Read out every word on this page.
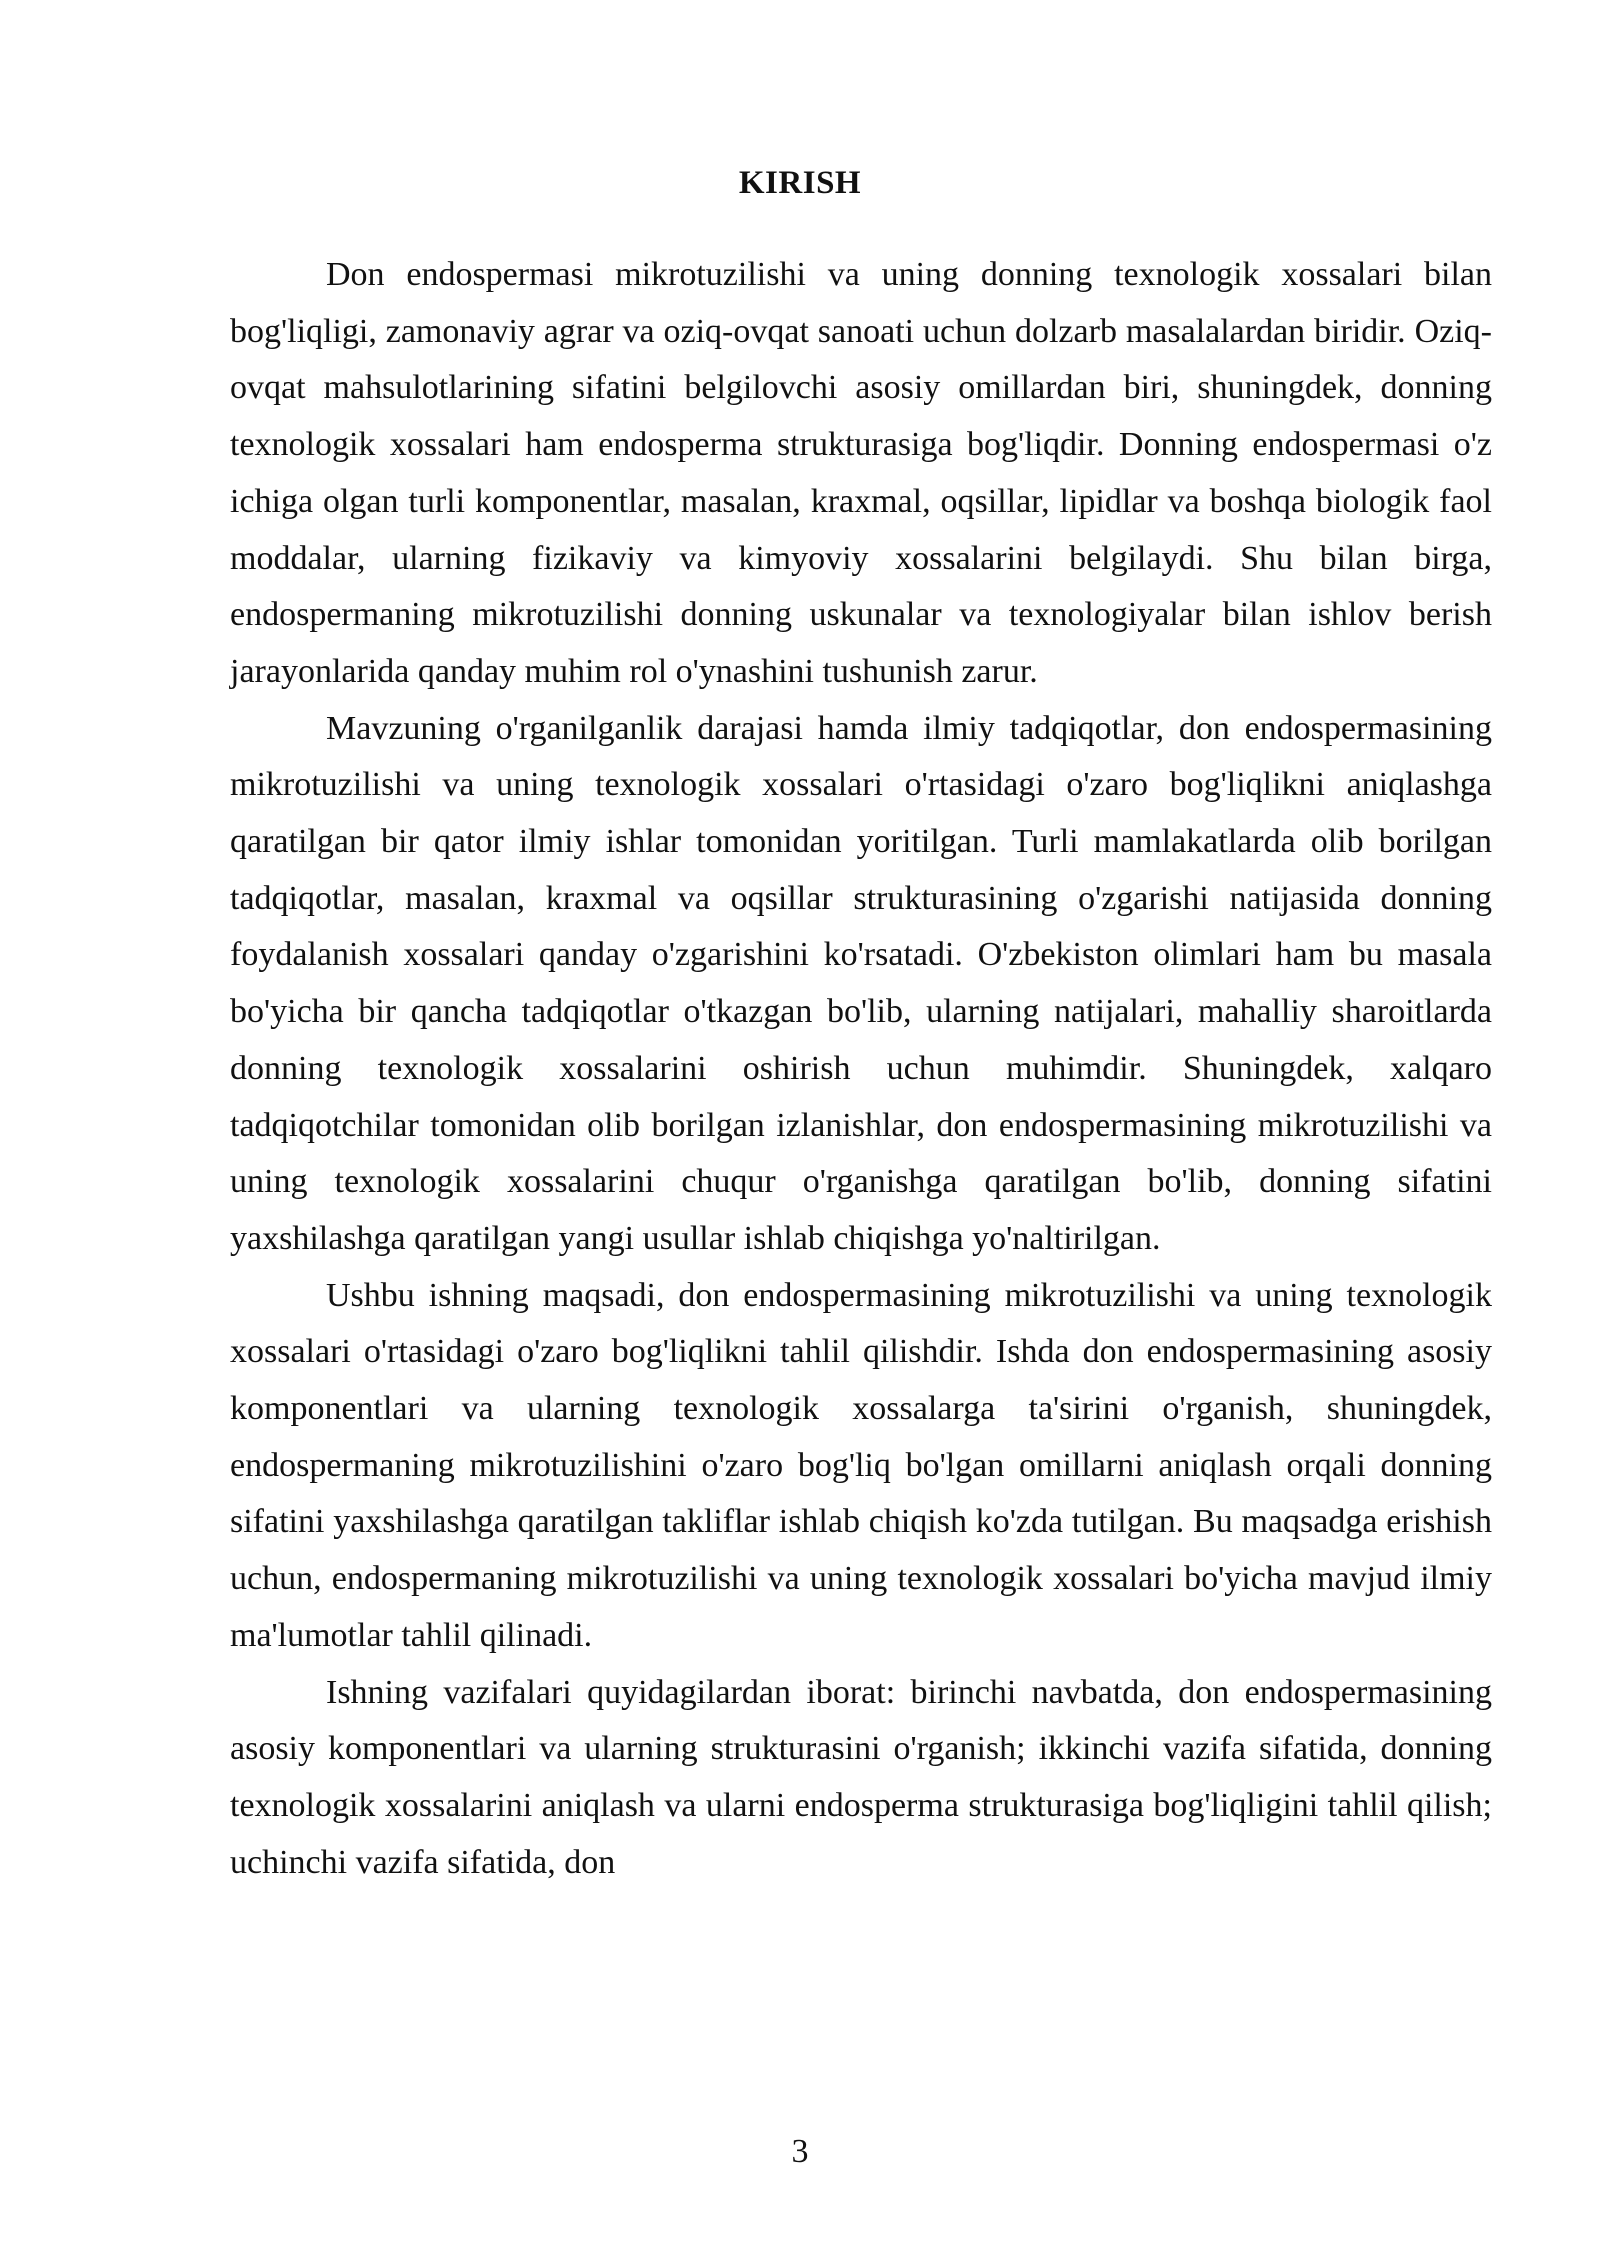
KIRISH

Don endospermasi mikrotuzilishi va uning donning texnologik xossalari bilan bog'liqligi, zamonaviy agrar va oziq-ovqat sanoati uchun dolzarb masalalardan biridir. Oziq-ovqat mahsulotlarining sifatini belgilovchi asosiy omillardan biri, shuningdek, donning texnologik xossalari ham endosperma strukturasiga bog'liqdir. Donning endospermasi o'z ichiga olgan turli komponentlar, masalan, kraxmal, oqsillar, lipidlar va boshqa biologik faol moddalar, ularning fizikaviy va kimyoviy xossalarini belgilaydi. Shu bilan birga, endospermaning mikrotuzilishi donning uskunalar va texnologiyalar bilan ishlov berish jarayonlarida qanday muhim rol o'ynashini tushunish zarur.

Mavzuning o'rganilganlik darajasi hamda ilmiy tadqiqotlar, don endospermasining mikrotuzilishi va uning texnologik xossalari o'rtasidagi o'zaro bog'liqlikni aniqlashga qaratilgan bir qator ilmiy ishlar tomonidan yoritilgan. Turli mamlakatlarda olib borilgan tadqiqotlar, masalan, kraxmal va oqsillar strukturasining o'zgarishi natijasida donning foydalanish xossalari qanday o'zgarishini ko'rsatadi. O'zbekiston olimlari ham bu masala bo'yicha bir qancha tadqiqotlar o'tkazgan bo'lib, ularning natijalari, mahalliy sharoitlarda donning texnologik xossalarini oshirish uchun muhimdir. Shuningdek, xalqaro tadqiqotchilar tomonidan olib borilgan izlanishlar, don endospermasining mikrotuzilishi va uning texnologik xossalarini chuqur o'rganishga qaratilgan bo'lib, donning sifatini yaxshilashga qaratilgan yangi usullar ishlab chiqishga yo'naltirilgan.

Ushbu ishning maqsadi, don endospermasining mikrotuzilishi va uning texnologik xossalari o'rtasidagi o'zaro bog'liqlikni tahlil qilishdir. Ishda don endospermasining asosiy komponentlari va ularning texnologik xossalarga ta'sirini o'rganish, shuningdek, endospermaning mikrotuzilishini o'zaro bog'liq bo'lgan omillarni aniqlash orqali donning sifatini yaxshilashga qaratilgan takliflar ishlab chiqish ko'zda tutilgan. Bu maqsadga erishish uchun, endospermaning mikrotuzilishi va uning texnologik xossalari bo'yicha mavjud ilmiy ma'lumotlar tahlil qilinadi.

Ishning vazifalari quyidagilardan iborat: birinchi navbatda, don endospermasining asosiy komponentlari va ularning strukturasini o'rganish; ikkinchi vazifa sifatida, donning texnologik xossalarini aniqlash va ularni endosperma strukturasiga bog'liqligini tahlil qilish; uchinchi vazifa sifatida, don

3
